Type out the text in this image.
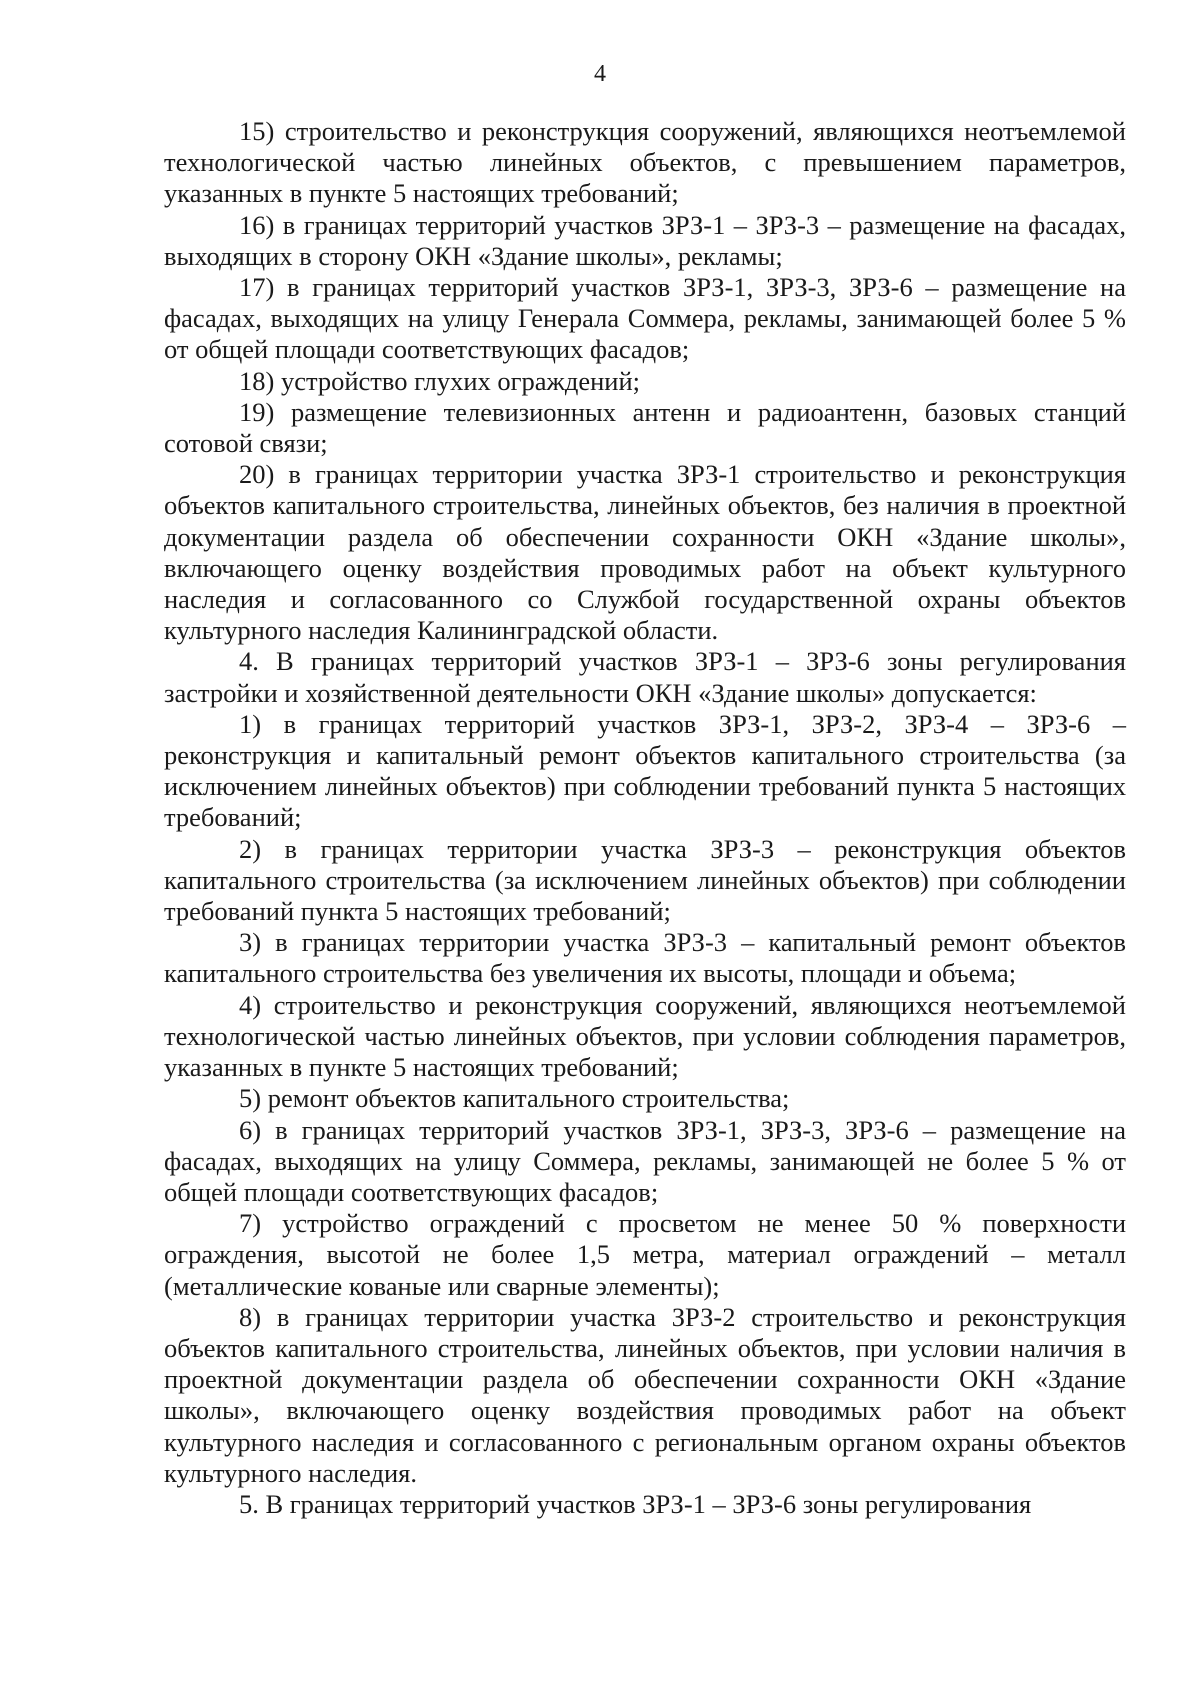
4

15) строительство и реконструкция сооружений, являющихся неотъемлемой технологической частью линейных объектов, с превышением параметров, указанных в пункте 5 настоящих требований;

16) в границах территорий участков ЗРЗ-1 – ЗРЗ-3 – размещение на фасадах, выходящих в сторону ОКН «Здание школы», рекламы;

17) в границах территорий участков ЗРЗ-1, ЗРЗ-3, ЗРЗ-6 – размещение на фасадах, выходящих на улицу Генерала Соммера, рекламы, занимающей более 5 % от общей площади соответствующих фасадов;

18) устройство глухих ограждений;

19) размещение телевизионных антенн и радиоантенн, базовых станций сотовой связи;

20) в границах территории участка ЗРЗ-1 строительство и реконструкция объектов капитального строительства, линейных объектов, без наличия в проектной документации раздела об обеспечении сохранности ОКН «Здание школы», включающего оценку воздействия проводимых работ на объект культурного наследия и согласованного со Службой государственной охраны объектов культурного наследия Калининградской области.

4. В границах территорий участков ЗРЗ-1 – ЗРЗ-6 зоны регулирования застройки и хозяйственной деятельности ОКН «Здание школы» допускается:

1) в границах территорий участков ЗРЗ-1, ЗРЗ-2, ЗРЗ-4 – ЗРЗ-6 – реконструкция и капитальный ремонт объектов капитального строительства (за исключением линейных объектов) при соблюдении требований пункта 5 настоящих требований;

2) в границах территории участка ЗРЗ-3 – реконструкция объектов капитального строительства (за исключением линейных объектов) при соблюдении требований пункта 5 настоящих требований;

3) в границах территории участка ЗРЗ-3 – капитальный ремонт объектов капитального строительства без увеличения их высоты, площади и объема;

4) строительство и реконструкция сооружений, являющихся неотъемлемой технологической частью линейных объектов, при условии соблюдения параметров, указанных в пункте 5 настоящих требований;

5) ремонт объектов капитального строительства;

6) в границах территорий участков ЗРЗ-1, ЗРЗ-3, ЗРЗ-6 – размещение на фасадах, выходящих на улицу Соммера, рекламы, занимающей не более 5 % от общей площади соответствующих фасадов;

7) устройство ограждений с просветом не менее 50 % поверхности ограждения, высотой не более 1,5 метра, материал ограждений – металл (металлические кованые или сварные элементы);

8) в границах территории участка ЗРЗ-2 строительство и реконструкция объектов капитального строительства, линейных объектов, при условии наличия в проектной документации раздела об обеспечении сохранности ОКН «Здание школы», включающего оценку воздействия проводимых работ на объект культурного наследия и согласованного с региональным органом охраны объектов культурного наследия.

5. В границах территорий участков ЗРЗ-1 – ЗРЗ-6 зоны регулирования
